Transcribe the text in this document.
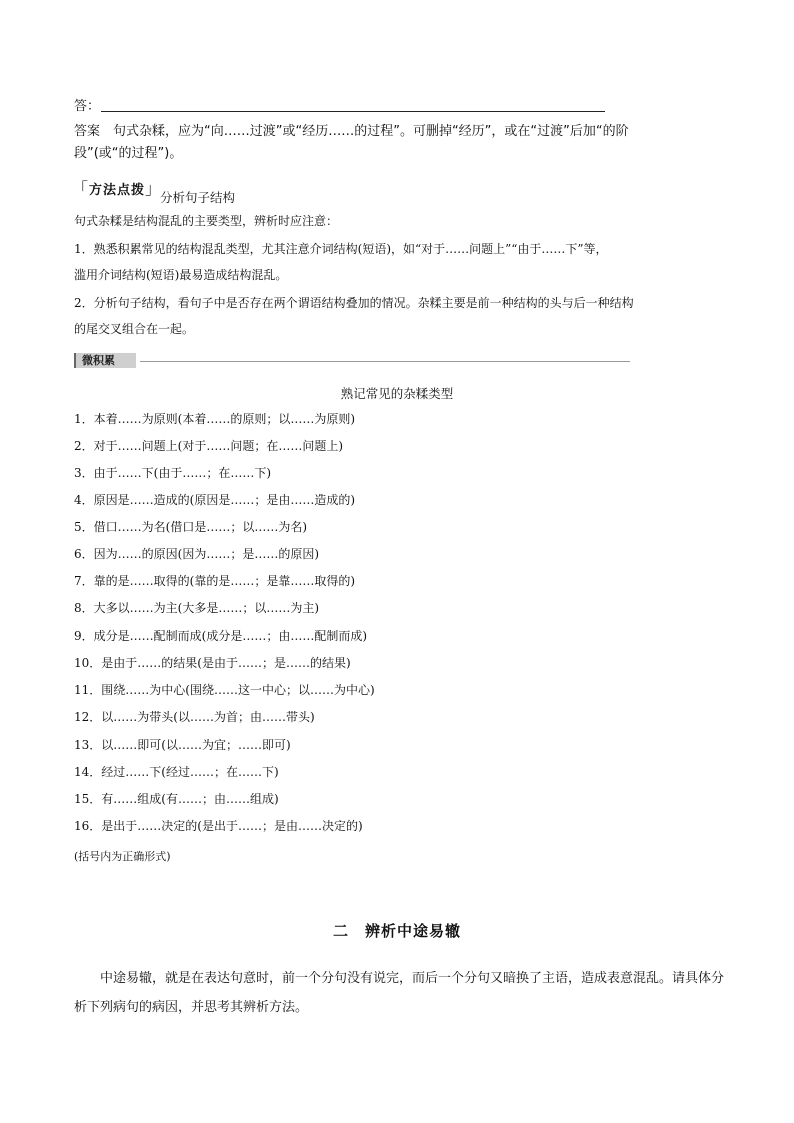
答：
答案　句式杂糅，应为“向……过渡”或“经历……的过程”。可删掉“经历”，或在“过渡”后加“的阶
段”(或“的过程”)。
「方法点拨」
分析句子结构
句式杂糅是结构混乱的主要类型，辨析时应注意：
1．熟悉积累常见的结构混乱类型，尤其注意介词结构(短语)，如“对于……问题上”“由于……下”等，
滥用介词结构(短语)最易造成结构混乱。
2．分析句子结构，看句子中是否存在两个谓语结构叠加的情况。杂糅主要是前一种结构的头与后一种结构
的尾交叉组合在一起。
微积累
熟记常见的杂糅类型
1．本着……为原则(本着……的原则；以……为原则)
2．对于……问题上(对于……问题；在……问题上)
3．由于……下(由于……；在……下)
4．原因是……造成的(原因是……；是由……造成的)
5．借口……为名(借口是……；以……为名)
6．因为……的原因(因为……；是……的原因)
7．靠的是……取得的(靠的是……；是靠……取得的)
8．大多以……为主(大多是……；以……为主)
9．成分是……配制而成(成分是……；由……配制而成)
10．是由于……的结果(是由于……；是……的结果)
11．围绕……为中心(围绕……这一中心；以……为中心)
12．以……为带头(以……为首；由……带头)
13．以……即可(以……为宜；……即可)
14．经过……下(经过……；在……下)
15．有……组成(有……；由……组成)
16．是出于……决定的(是出于……；是由……决定的)
(括号内为正确形式)
二　辨析中途易辙
中途易辙，就是在表达句意时，前一个分句没有说完，而后一个分句又暗换了主语，造成表意混乱。请具体分析下列病句的病因，并思考其辨析方法。
